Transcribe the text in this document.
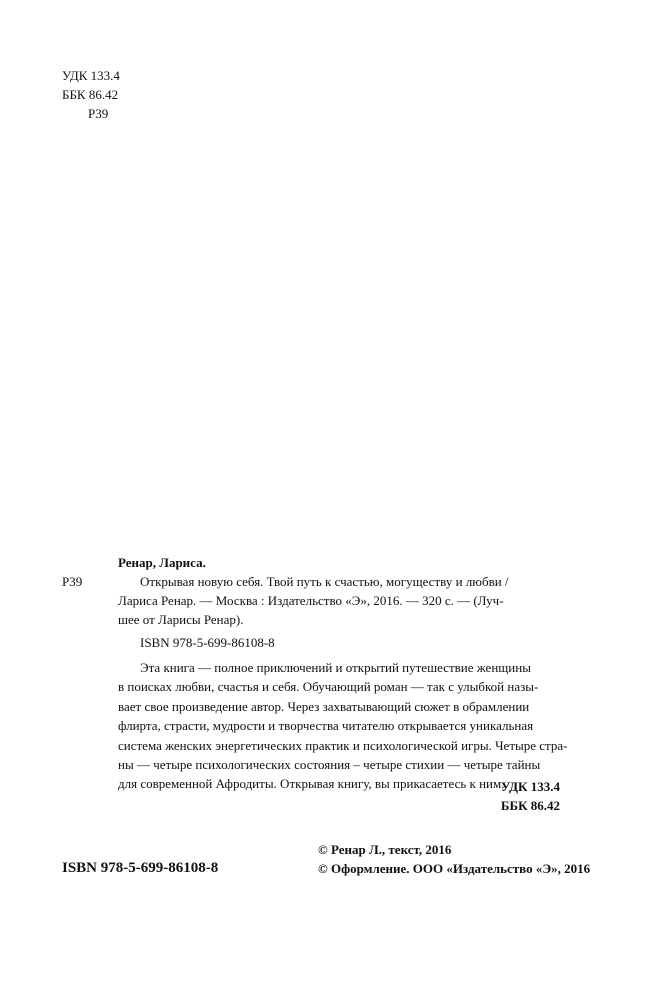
УДК 133.4
ББК 86.42
Р39
Ренар, Лариса.
Р39	Открывая новую себя. Твой путь к счастью, могуществу и любви /
Лариса Ренар. — Москва : Издательство «Э», 2016. — 320 с. — (Луч-
шее от Ларисы Ренар).
ISBN 978-5-699-86108-8
Эта книга — полное приключений и открытий путешествие женщины
в поисках любви, счастья и себя. Обучающий роман — так с улыбкой назы-
вает свое произведение автор. Через захватывающий сюжет в обрамлении
флирта, страсти, мудрости и творчества читателю открывается уникальная
система женских энергетических практик и психологической игры. Четыре стра-
ны — четыре психологических состояния – четыре стихии — четыре тайны
для современной Афродиты. Открывая книгу, вы прикасаетесь к ним.
УДК 133.4
ББК 86.42
ISBN 978-5-699-86108-8
© Ренар Л., текст, 2016
© Оформление. ООО «Издательство «Э», 2016
